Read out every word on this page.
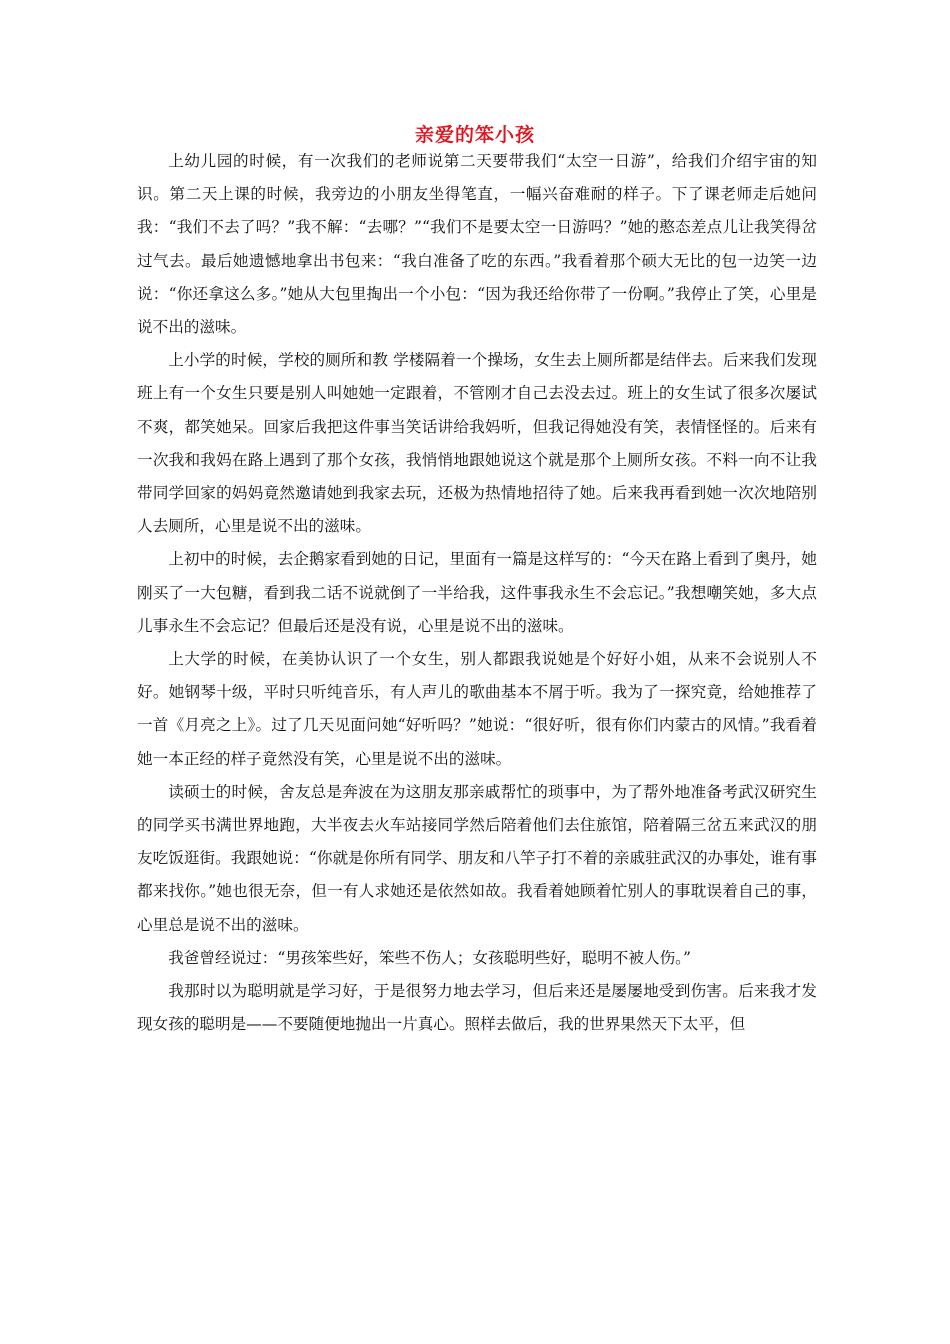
亲爱的笨小孩

上幼儿园的时候，有一次我们的老师说第二天要带我们“太空一日游”，给我们介绍宇宙的知识。第二天上课的时候，我旁边的小朋友坐得笔直，一幅兴奋难耐的样子。下了课老师走后她问我：“我们不去了吗？”我不解：“去哪？”“我们不是要太空一日游吗？”她的憨态差点儿让我笑得岔过气去。最后她遗憾地拿出书包来：“我白准备了吃的东西。”我看着那个硕大无比的包一边笑一边说：“你还拿这么多。”她从大包里掏出一个小包：“因为我还给你带了一份啊。”我停止了笑，心里是说不出的滋味。

上小学的时候，学校的厕所和教 学楼隔着一个操场，女生去上厕所都是结伴去。后来我们发现班上有一个女生只要是别人叫她她一定跟着，不管刚才自己去没去过。班上的女生试了很多次屡试不爽，都笑她呆。回家后我把这件事当笑话讲给我妈听，但我记得她没有笑，表情怪怪的。后来有一次我和我妈在路上遇到了那个女孩，我悄悄地跟她说这个就是那个上厕所女孩。不料一向不让我带同学回家的妈妈竟然邀请她到我家去玩，还极为热情地招待了她。后来我再看到她一次次地陪别人去厕所，心里是说不出的滋味。

上初中的时候，去企鹅家看到她的日记，里面有一篇是这样写的：“今天在路上看到了奥丹，她刚买了一大包糖，看到我二话不说就倒了一半给我，这件事我永生不会忘记。”我想嘲笑她，多大点儿事永生不会忘记？但最后还是没有说，心里是说不出的滋味。

上大学的时候，在美协认识了一个女生，别人都跟我说她是个好好小姐，从来不会说别人不好。她钢琴十级，平时只听纯音乐，有人声儿的歌曲基本不屑于听。我为了一探究竟，给她推荐了一首《月亮之上》。过了几天见面问她“好听吗？”她说：“很好听，很有你们内蒙古的风情。”我看着她一本正经的样子竟然没有笑，心里是说不出的滋味。

读硕士的时候，舍友总是奔波在为这朋友那亲戚帮忙的琐事中，为了帮外地准备考武汉研究生的同学买书满世界地跑，大半夜去火车站接同学然后陪着他们去住旅馆，陪着隔三岔五来武汉的朋友吃饭逛街。我跟她说：“你就是你所有同学、朋友和八竿子打不着的亲戚驻武汉的办事处，谁有事都来找你。”她也很无奈，但一有人求她还是依然如故。我看着她顾着忙别人的事耽误着自己的事，心里总是说不出的滋味。

我爸曾经说过：“男孩笨些好，笨些不伤人；女孩聪明些好，聪明不被人伤。”

我那时以为聪明就是学习好，于是很努力地去学习，但后来还是屡屡地受到伤害。后来我才发现女孩的聪明是——不要随便地抛出一片真心。照样去做后，我的世界果然天下太平，但
